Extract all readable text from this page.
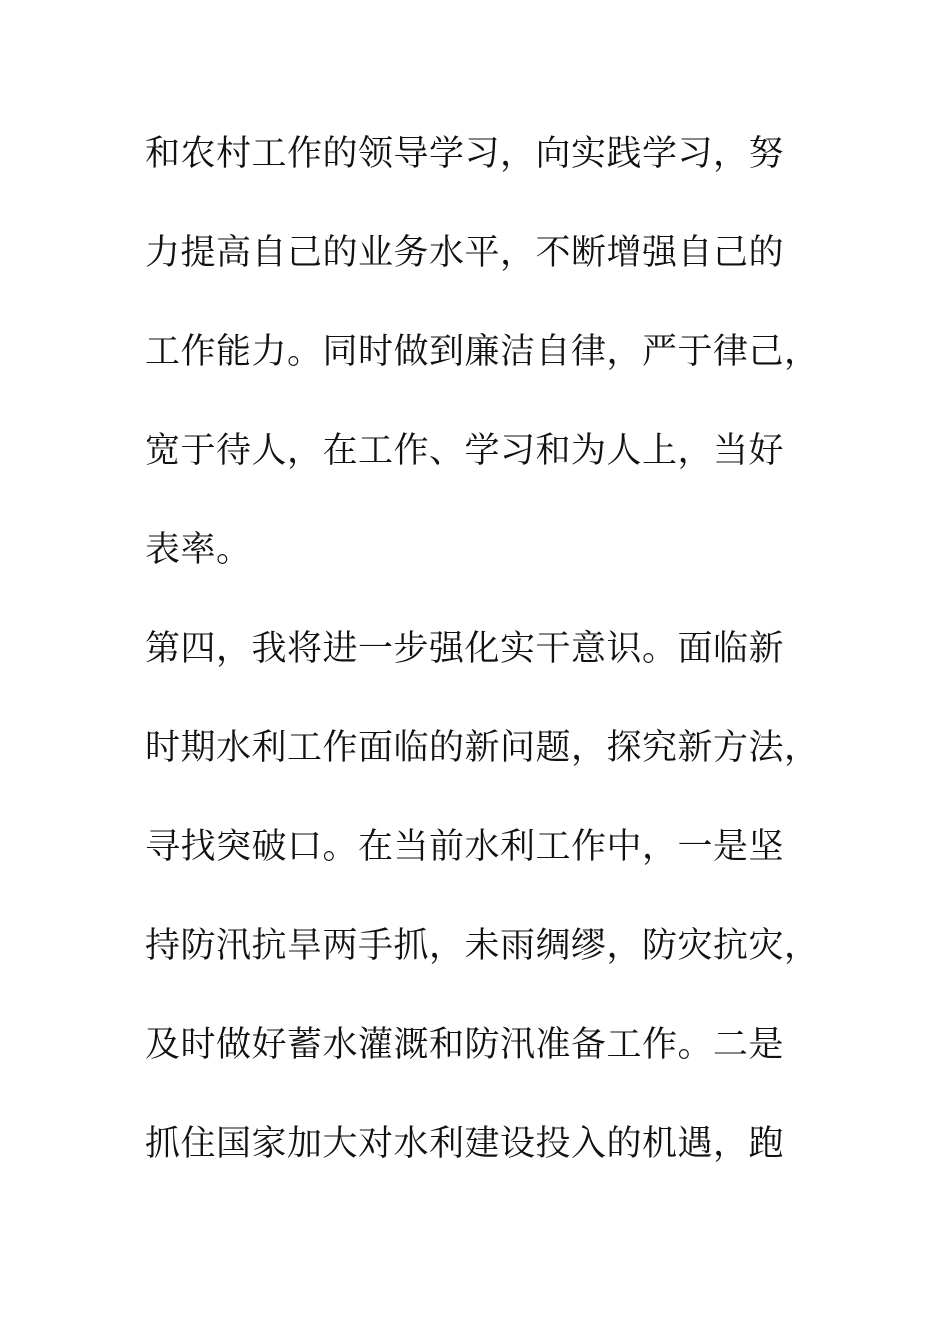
和农村工作的领导学习，向实践学习，努
力提高自己的业务水平，不断增强自己的
工作能力。同时做到廉洁自律，严于律己，
宽于待人，在工作、学习和为人上，当好
表率。
第四，我将进一步强化实干意识。面临新
时期水利工作面临的新问题，探究新方法，
寻找突破口。在当前水利工作中，一是坚
持防汛抗旱两手抓，未雨绸缪，防灾抗灾，
及时做好蓄水灌溉和防汛准备工作。二是
抓住国家加大对水利建设投入的机遇，跑
